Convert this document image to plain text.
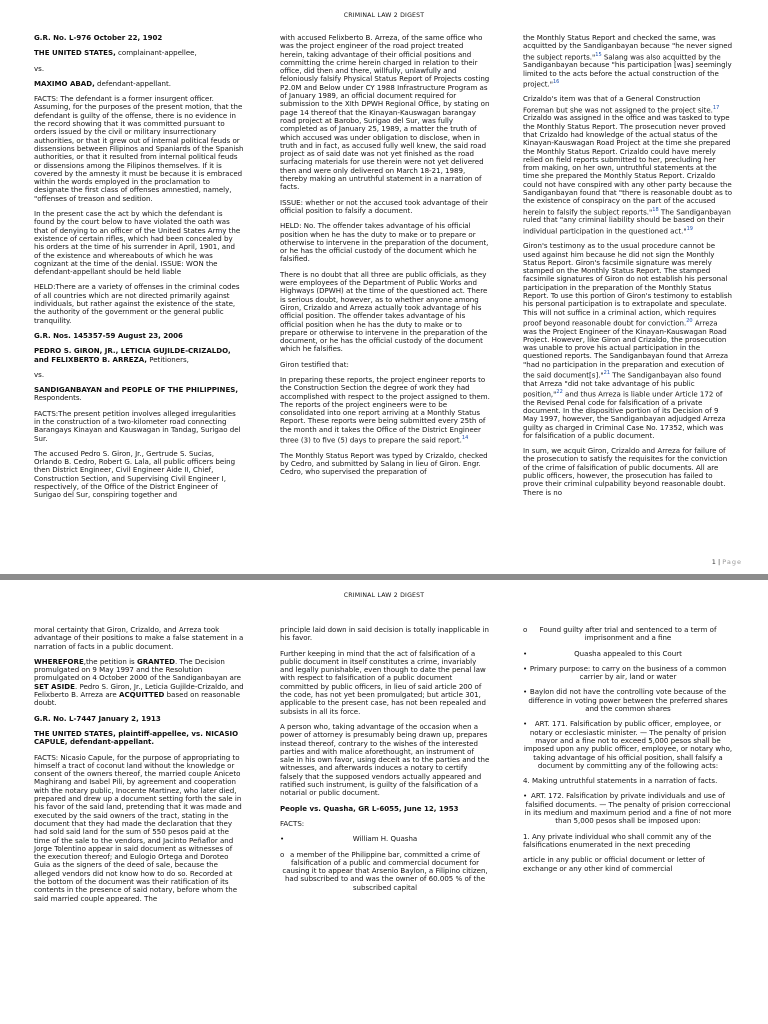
CRIMINAL LAW 2 DIGEST

G.R. No. L-976 October 22, 1902

THE UNITED STATES, complainant-appellee,

vs.

MAXIMO ABAD, defendant-appellant.

FACTS: The defendant is a former insurgent officer. Assuming, for the purposes of the present motion, that the defendant is guilty of the offense, there is no evidence in the record showing that it was committed pursuant to orders issued by the civil or military insurrectionary authorities, or that it grew out of internal political feuds or dissensions between Filipinos and Spaniards of the Spanish authorities, or that it resulted from internal political feuds or dissensions among the Filipinos themselves. If it is covered by the amnesty it must be because it is embraced within the words employed in the proclamation to designate the first class of offenses amnestied, namely, "offenses of treason and sedition.

In the present case the act by which the defendant is found by the court below to have violated the oath was that of denying to an officer of the United States Army the existence of certain rifles, which had been concealed by his orders at the time of his surrender in April, 1901, and of the existence and whereabouts of which he was cognizant at the time of the denial. ISSUE: WON the defendant-appellant should be held liable

HELD:There are a variety of offenses in the criminal codes of all countries which are not directed primarily against individuals, but rather against the existence of the state, the authority of the government or the general public tranquility.

G.R. Nos. 145357-59 August 23, 2006

PEDRO S. GIRON, JR., LETICIA GUJILDE-CRIZALDO, and FELIXBERTO B. ARREZA, Petitioners,

vs.

SANDIGANBAYAN and PEOPLE OF THE PHILIPPINES, Respondents.

FACTS:The present petition involves alleged irregularities in the construction of a two-kilometer road connecting Barangays Kinayan and Kauswagan in Tandag, Surigao del Sur.

The accused Pedro S. Giron, Jr., Gertrude S. Sucias, Orlando B. Cedro, Robert G. Lala, all public officers being then District Engineer, Civil Engineer Aide II, Chief, Construction Section, and Supervising Civil Engineer I, respectively, of the Office of the District Engineer of Surigao del Sur, conspiring together and

with accused Felixberto B. Arreza, of the same office who was the project engineer of the road project treated herein, taking advantage of their official positions and committing the crime herein charged in relation to their office, did then and there, willfully, unlawfully and feloniously falsify Physical Status Report of Projects costing P2.0M and Below under CY 1988 Infrastructure Program as of January 1989, an official document required for submission to the XIth DPWH Regional Office, by stating on page 14 thereof that the Kinayan-Kauswagan barangay road project at Barobo, Surigao del Sur, was fully completed as of January 25, 1989, a matter the truth of which accused was under obligation to disclose, when in truth and in fact, as accused fully well knew, the said road project as of said date was not yet finished as the road surfacing materials for use therein were not yet delivered then and were only delivered on March 18-21, 1989, thereby making an untruthful statement in a narration of facts.

ISSUE: whether or not the accused took advantage of their official position to falsify a document.

HELD: No. The offender takes advantage of his official position when he has the duty to make or to prepare or otherwise to intervene in the preparation of the document, or he has the official custody of the document which he falsified.

There is no doubt that all three are public officials, as they were employees of the Department of Public Works and Highways (DPWH) at the time of the questioned act. There is serious doubt, however, as to whether anyone among Giron, Crizaldo and Arreza actually took advantage of his official position. The offender takes advantage of his official position when he has the duty to make or to prepare or otherwise to intervene in the preparation of the document, or he has the official custody of the document which he falsifies.

Giron testified that:

In preparing these reports, the project engineer reports to the Construction Section the degree of work they had accomplished with respect to the project assigned to them. The reports of the project engineers were to be consolidated into one report arriving at a Monthly Status Report. These reports were being submitted every 25th of the month and it takes the Office of the District Engineer three (3) to five (5) days to prepare the said report.$^{14}$

The Monthly Status Report was typed by Crizaldo, checked by Cedro, and submitted by Salang in lieu of Giron. Engr. Cedro, who supervised the preparation of

the Monthly Status Report and checked the same, was acquitted by the Sandiganbayan because "he never signed the subject reports."$^{15}$ Salang was also acquitted by the Sandiganbayan because "his participation [was] seemingly limited to the acts before the actual construction of the project."$^{16}$

Crizaldo's item was that of a General Construction Foreman but she was not assigned to the project site.$^{17}$ Crizaldo was assigned in the office and was tasked to type the Monthly Status Report. The prosecution never proved that Crizaldo had knowledge of the actual status of the Kinayan-Kauswagan Road Project at the time she prepared the Monthly Status Report. Crizaldo could have merely relied on field reports submitted to her, precluding her from making, on her own, untruthful statements at the time she prepared the Monthly Status Report. Crizaldo could not have conspired with any other party because the Sandiganbayan found that "there is reasonable doubt as to the existence of conspiracy on the part of the accused herein to falsify the subject reports."$^{18}$ The Sandiganbayan ruled that "any criminal liability should be based on their individual participation in the questioned act."$^{19}$

Giron's testimony as to the usual procedure cannot be used against him because he did not sign the Monthly Status Report. Giron's facsimile signature was merely stamped on the Monthly Status Report. The stamped facsimile signatures of Giron do not establish his personal participation in the preparation of the Monthly Status Report. To use this portion of Giron's testimony to establish his personal participation is to extrapolate and speculate. This will not suffice in a criminal action, which requires proof beyond reasonable doubt for conviction.$^{20}$ Arreza was the Project Engineer of the Kinayan-Kauswagan Road Project. However, like Giron and Crizaldo, the prosecution was unable to prove his actual participation in the questioned reports. The Sandiganbayan found that Arreza "had no participation in the preparation and execution of the said document[s]."$^{21}$ The Sandiganbayan also found that Arreza "did not take advantage of his public position,"$^{22}$ and thus Arreza is liable under Article 172 of the Revised Penal code for falsification of a private document. In the dispositive portion of its Decision of 9 May 1997, however, the Sandiganbayan adjudged Arreza guilty as charged in Criminal Case No. 17352, which was for falsification of a public document.

In sum, we acquit Giron, Crizaldo and Arreza for failure of the prosecution to satisfy the requisites for the conviction of the crime of falsification of public documents. All are public officers, however, the prosecution has failed to prove their criminal culpability beyond reasonable doubt. There is no

1 | Page
CRIMINAL LAW 2 DIGEST

moral certainty that Giron, Crizaldo, and Arreza took advantage of their positions to make a false statement in a narration of facts in a public document.

WHEREFORE,the petition is GRANTED. The Decision promulgated on 9 May 1997 and the Resolution promulgated on 4 October 2000 of the Sandiganbayan are SET ASIDE. Pedro S. Giron, Jr., Leticia Gujilde-Crizaldo, and Felixberto B. Arreza are ACQUITTED based on reasonable doubt.

G.R. No. L-7447 January 2, 1913

THE UNITED STATES, plaintiff-appellee, vs. NICASIO CAPULE, defendant-appellant.

FACTS: Nicasio Capule, for the purpose of appropriating to himself a tract of coconut land without the knowledge or consent of the owners thereof, the married couple Aniceto Maghirang and Isabel Pili, by agreement and cooperation with the notary public, Inocente Martinez, who later died, prepared and drew up a document setting forth the sale in his favor of the said land, pretending that it was made and executed by the said owners of the tract, stating in the document that they had made the declaration that they had sold said land for the sum of 550 pesos paid at the time of the sale to the vendors, and Jacinto Peñaflor and Jorge Tolentino appear in said document as witnesses of the execution thereof; and Eulogio Ortega and Doroteo Guia as the signers of the deed of sale, because the alleged vendors did not know how to do so. Recorded at the bottom of the document was their ratification of its contents in the presence of said notary, before whom the said married couple appeared. The

principle laid down in said decision is totally inapplicable in his favor.

Further keeping in mind that the act of falsification of a public document in itself constitutes a crime, invariably and legally punishable, even though to date the penal law with respect to falsification of a public document committed by public officers, in lieu of said article 200 of the code, has not yet been promulgated; but article 301, applicable to the present case, has not been repealed and subsists in all its force.

A person who, taking advantage of the occasion when a power of attorney is presumably being drawn up, prepares instead thereof, contrary to the wishes of the interested parties and with malice aforethought, an instrument of sale in his own favor, using deceit as to the parties and the witnesses, and afterwards induces a notary to certify falsely that the supposed vendors actually appeared and ratified such instrument, is guilty of the falsification of a notarial or public document.

People vs. Quasha, GR L-6055, June 12, 1953

FACTS:

•	William H. Quasha

o a member of the Philippine bar, committed a crime of falsification of a public and commercial document for causing it to appear that Arsenio Baylon, a Filipino citizen, had subscribed to and was the owner of 60.005 % of the subscribed capital

o Found guilty after trial and sentenced to a term of imprisonment and a fine

•	Quasha appealed to this Court

• Primary purpose: to carry on the business of a common carrier by air, land or water

• Baylon did not have the controlling vote because of the difference in voting power between the preferred shares and the common shares

• ART. 171. Falsification by public officer, employee, or notary or ecclesiastic minister. — The penalty of prision mayor and a fine not to exceed 5,000 pesos shall be imposed upon any public officer, employee, or notary who, taking advantage of his official position, shall falsify a document by committing any of the following acts:

4. Making untruthful statements in a narration of facts.

• ART. 172. Falsification by private individuals and use of falsified documents. — The penalty of prision correccional in its medium and maximum period and a fine of not more than 5,000 pesos shall be imposed upon:

1. Any private individual who shall commit any of the falsifications enumerated in the next preceding

article in any public or official document or letter of exchange or any other kind of commercial
